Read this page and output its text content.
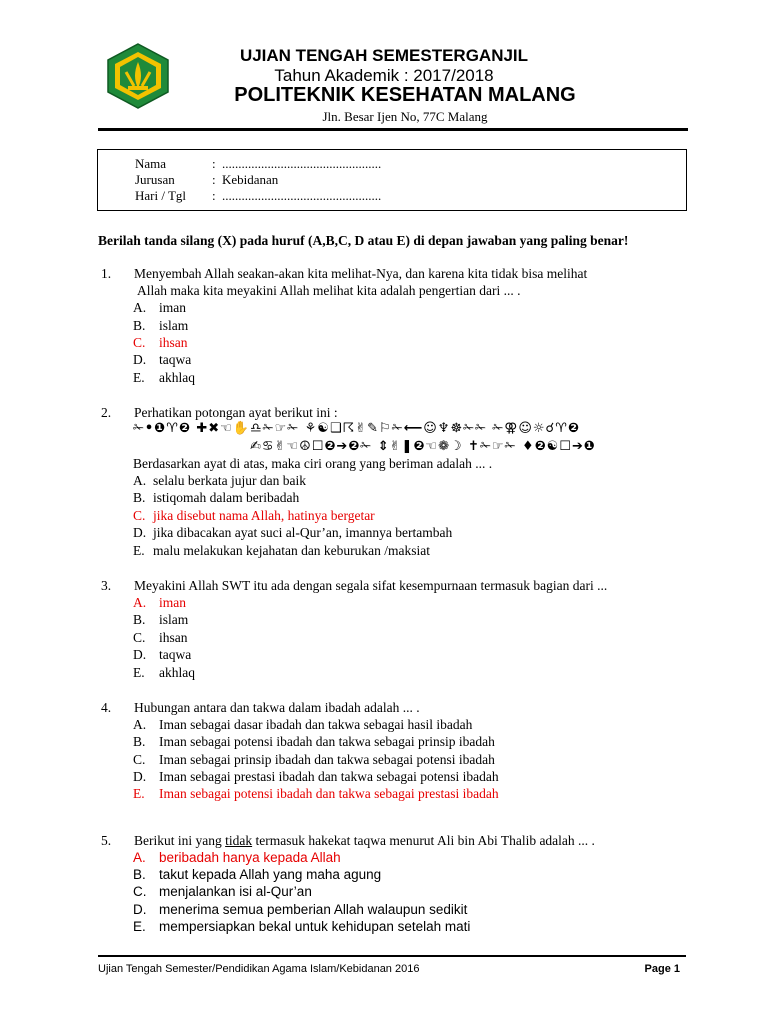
UJIAN TENGAH SEMESTERGANJIL
Tahun Akademik : 2017/2018
POLITEKNIK KESEHATAN MALANG
Jln. Besar Ijen No, 77C Malang
Nama	: .................................................
Jurusan	: Kebidanan
Hari / Tgl : .................................................
Berilah tanda silang (X) pada huruf (A,B,C, D atau E) di depan jawaban yang paling benar!
1. Menyembah Allah seakan-akan kita melihat-Nya, dan karena kita tidak bisa melihat
Allah maka kita meyakini Allah melihat kita adalah pengertian dari ... .
A. iman
B. islam
C. ihsan
D. taqwa
E. akhlaq
2. Perhatikan potongan ayat berikut ini :
✁•❶♈❷ ✚✖☜✋♎✁☞✁ ⚘☯❑☈✌✎⚐✁⟵☺♆☸✁✁ ✁⚢☺☼☌♈❷
✍♋✌☜☮☐❷➔❷✁ ⇕✌❚❷☜❁☽ ✝✁☞✁ ♦❷☯☐➔❶
Berdasarkan ayat di atas, maka ciri orang yang beriman adalah ... .
A. selalu berkata jujur dan baik
B. istiqomah dalam beribadah
C. jika disebut nama Allah, hatinya bergetar
D. jika dibacakan ayat suci al-Qur’an, imannya bertambah
E. malu melakukan kejahatan dan keburukan /maksiat
3. Meyakini Allah SWT itu ada dengan segala sifat kesempurnaan termasuk bagian dari ...
A. iman
B. islam
C. ihsan
D. taqwa
E. akhlaq
4. Hubungan antara dan takwa dalam ibadah adalah ... .
A. Iman sebagai dasar ibadah dan takwa sebagai hasil ibadah
B. Iman sebagai potensi ibadah dan takwa sebagai prinsip ibadah
C. Iman sebagai prinsip ibadah dan takwa sebagai potensi ibadah
D. Iman sebagai prestasi ibadah dan takwa sebagai potensi ibadah
E. Iman sebagai potensi ibadah dan takwa sebagai prestasi ibadah
5. Berikut ini yang tidak termasuk hakekat taqwa menurut Ali bin Abi Thalib adalah ... .
A. beribadah hanya kepada Allah
B. takut kepada Allah yang maha agung
C. menjalankan isi al-Qur’an
D. menerima semua pemberian Allah walaupun sedikit
E. mempersiapkan bekal untuk kehidupan setelah mati
Ujian Tengah Semester/Pendidikan Agama Islam/Kebidanan 2016	Page 1
